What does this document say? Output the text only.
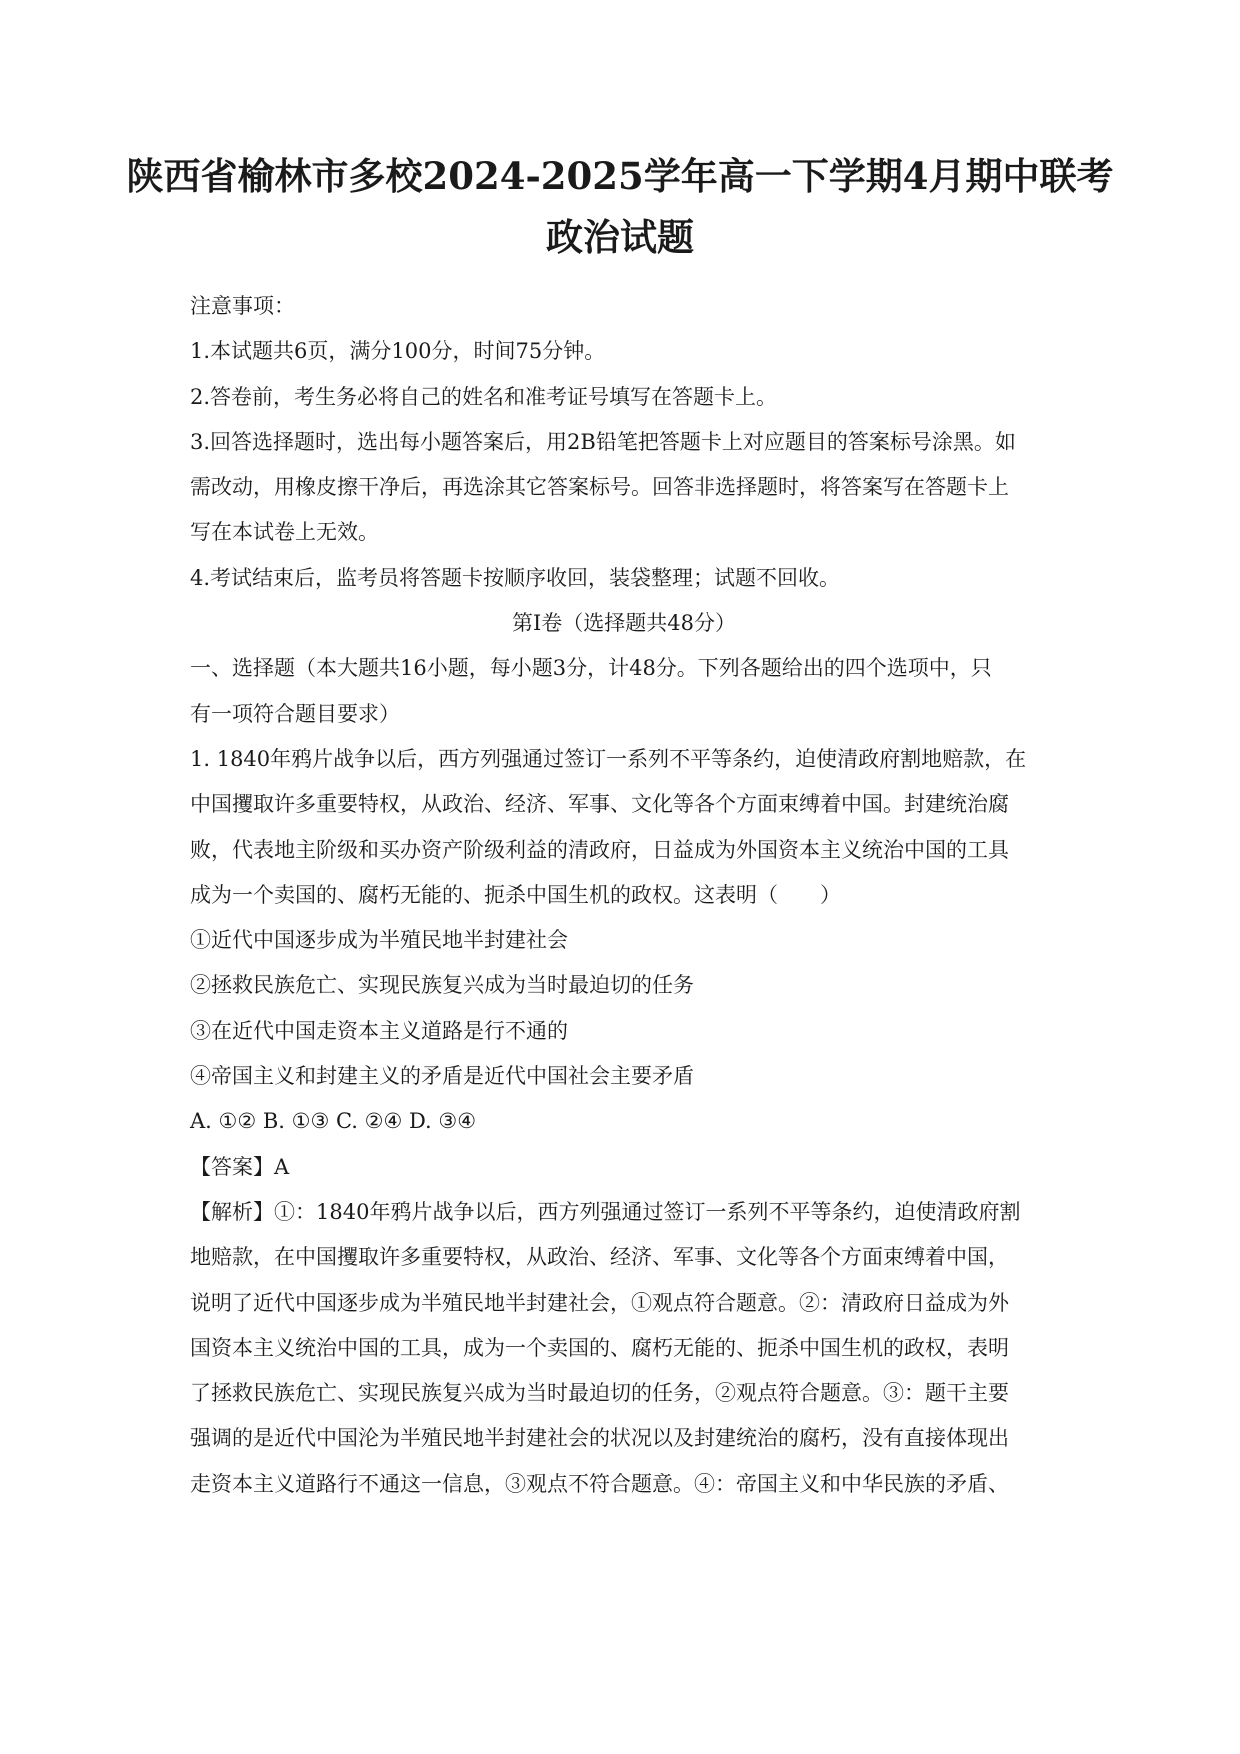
陕西省榆林市多校2024-2025学年高一下学期4月期中联考
政治试题
注意事项：
1.本试题共6页，满分100分，时间75分钟。
2.答卷前，考生务必将自己的姓名和准考证号填写在答题卡上。
3.回答选择题时，选出每小题答案后，用2B铅笔把答题卡上对应题目的答案标号涂黑。如
需改动，用橡皮擦干净后，再选涂其它答案标号。回答非选择题时，将答案写在答题卡上
写在本试卷上无效。
4.考试结束后，监考员将答题卡按顺序收回，装袋整理；试题不回收。
第Ⅰ卷（选择题共48分）
一、选择题（本大题共16小题，每小题3分，计48分。下列各题给出的四个选项中，只
有一项符合题目要求）
1. 1840年鸦片战争以后，西方列强通过签订一系列不平等条约，迫使清政府割地赔款，在
中国攫取许多重要特权，从政治、经济、军事、文化等各个方面束缚着中国。封建统治腐
败，代表地主阶级和买办资产阶级利益的清政府，日益成为外国资本主义统治中国的工具
成为一个卖国的、腐朽无能的、扼杀中国生机的政权。这表明（　　）
①近代中国逐步成为半殖民地半封建社会
②拯救民族危亡、实现民族复兴成为当时最迫切的任务
③在近代中国走资本主义道路是行不通的
④帝国主义和封建主义的矛盾是近代中国社会主要矛盾
A. ①② B. ①③ C. ②④ D. ③④
【答案】A
【解析】①：1840年鸦片战争以后，西方列强通过签订一系列不平等条约，迫使清政府割
地赔款，在中国攫取许多重要特权，从政治、经济、军事、文化等各个方面束缚着中国，
说明了近代中国逐步成为半殖民地半封建社会，①观点符合题意。②：清政府日益成为外
国资本主义统治中国的工具，成为一个卖国的、腐朽无能的、扼杀中国生机的政权，表明
了拯救民族危亡、实现民族复兴成为当时最迫切的任务，②观点符合题意。③：题干主要
强调的是近代中国沦为半殖民地半封建社会的状况以及封建统治的腐朽，没有直接体现出
走资本主义道路行不通这一信息，③观点不符合题意。④：帝国主义和中华民族的矛盾、
